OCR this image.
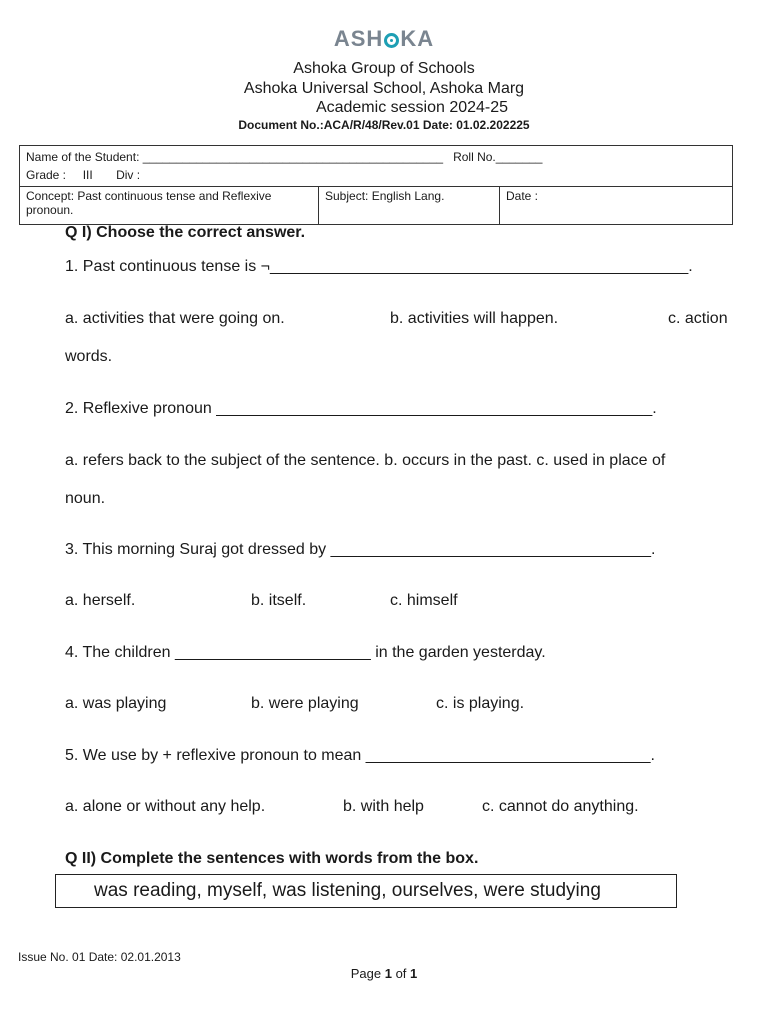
ASH KA
Ashoka Group of Schools
Ashoka Universal School, Ashoka Marg
Academic session 2024-25
Document No.:ACA/R/48/Rev.01 Date: 01.02.202225
Name of the Student: _____________________________________________ Roll No._______
Grade : III Div :

Concept: Past continuous tense and Reflexive pronoun.	Subject: English Lang.	Date :
Q I) Choose the correct answer.
1. Past continuous tense is ¬_______________________________________________.
a. activities that were going on.	b. activities will happen.	c. action
words.
2. Reflexive pronoun _________________________________________________.
a. refers back to the subject of the sentence. b. occurs in the past. c. used in place of
noun.
3. This morning Suraj got dressed by ____________________________________.
a. herself.	b. itself.	c. himself
4. The children ______________________ in the garden yesterday.
a. was playing	b. were playing	c. is playing.
5. We use by + reflexive pronoun to mean ________________________________.
a. alone or without any help.	b. with help	c. cannot do anything.
Q II) Complete the sentences with words from the box.
was reading, myself, was listening, ourselves, were studying
Issue No. 01 Date: 02.01.2013
Page 1 of 1
